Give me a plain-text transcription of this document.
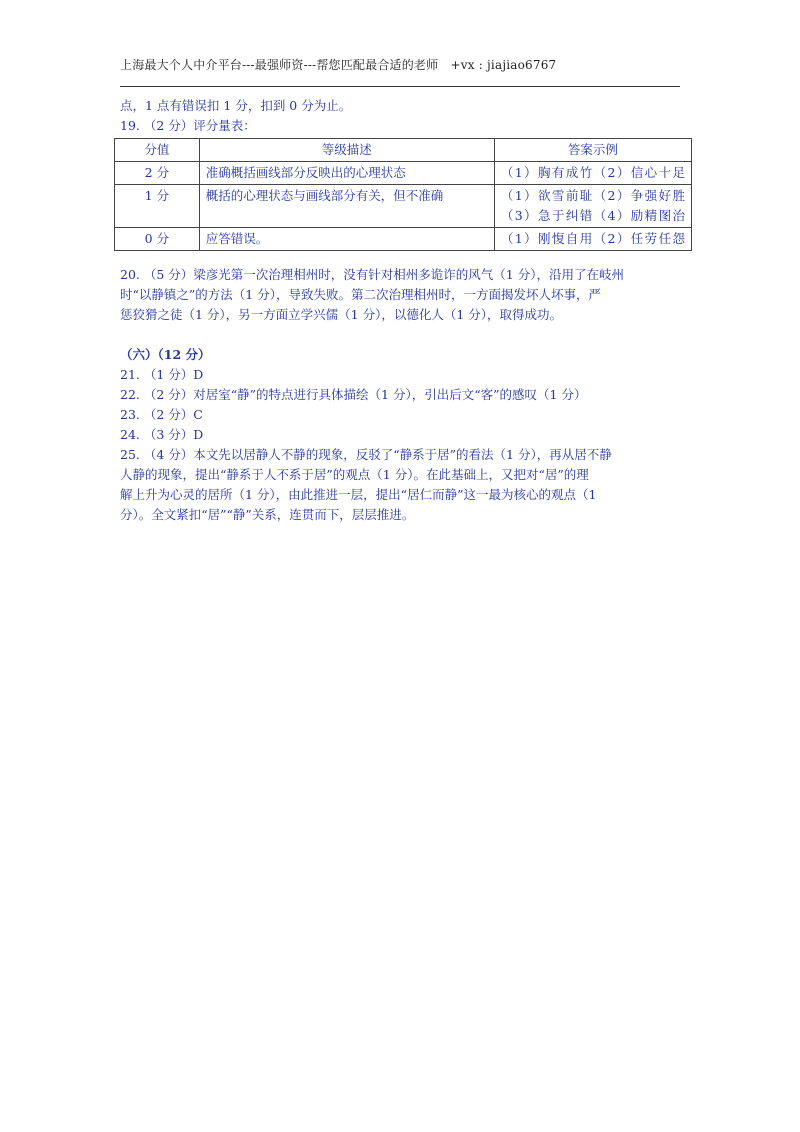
上海最大个人中介平台---最强师资---帮您匹配最合适的老师　+vx : jiajiao6767
点，1 点有错误扣 1 分，扣到 0 分为止。
19. （2 分）评分量表：
分值	等级描述	答案示例
2 分	准确概括画线部分反映出的心理状态	（1）胸有成竹（2）信心十足
1 分	概括的心理状态与画线部分有关，但不准确	（1）欲雪前耻（2）争强好胜
（3）急于纠错（4）励精图治

0 分	应答错误。	（1）刚愎自用（2）任劳任怨
20. （5 分）梁彦光第一次治理相州时，没有针对相州多诡诈的风气（1 分），沿用了在岐州
时“以静镇之”的方法（1 分），导致失败。第二次治理相州时，一方面揭发坏人坏事，严
惩狡猾之徒（1 分），另一方面立学兴儒（1 分），以德化人（1 分），取得成功。
（六）（12 分）
21. （1 分）D
22. （2 分）对居室“静”的特点进行具体描绘（1 分），引出后文“客”的感叹（1 分）
23. （2 分）C
24. （3 分）D
25. （4 分）本文先以居静人不静的现象，反驳了“静系于居”的看法（1 分），再从居不静
人静的现象，提出“静系于人不系于居”的观点（1 分）。在此基础上，又把对“居”的理
解上升为心灵的居所（1 分），由此推进一层，提出“居仁而静”这一最为核心的观点（1
分）。全文紧扣“居”“静”关系，连贯而下，层层推进。
